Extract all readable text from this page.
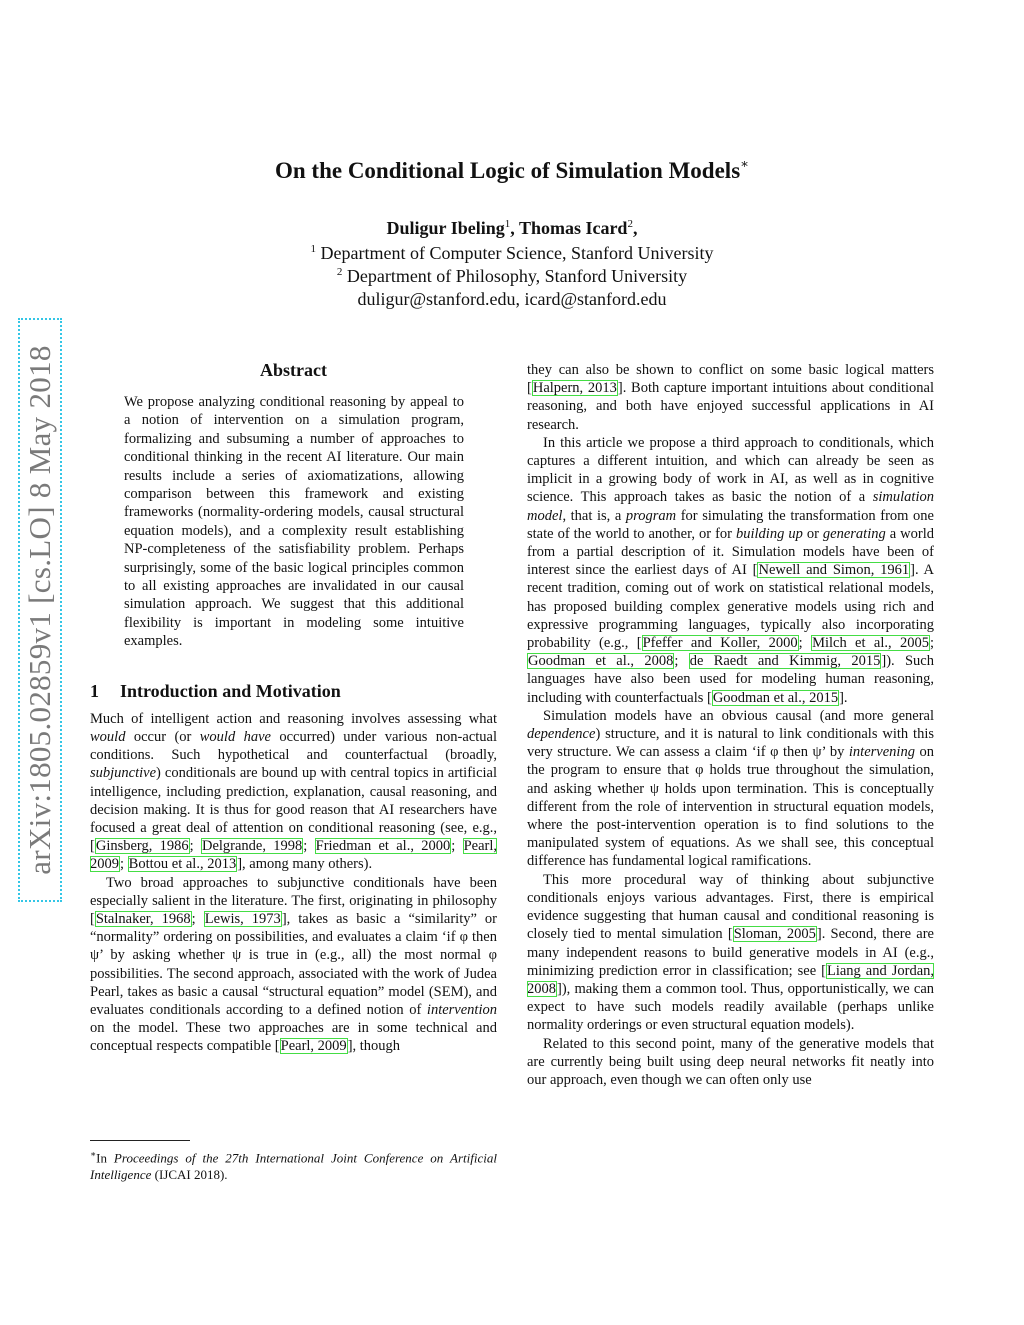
arXiv:1805.02859v1 [cs.LO] 8 May 2018
On the Conditional Logic of Simulation Models∗
Duligur Ibeling$^1$, Thomas Icard$^2$,
$^1$ Department of Computer Science, Stanford University
$^2$ Department of Philosophy, Stanford University
duligur@stanford.edu, icard@stanford.edu
Abstract

We propose analyzing conditional reasoning by appeal to a notion of intervention on a simulation program, formalizing and subsuming a number of approaches to conditional thinking in the recent AI literature. Our main results include a series of axiomatizations, allowing comparison between this framework and existing frameworks (normality-ordering models, causal structural equation models), and a complexity result establishing NP-completeness of the satisfiability problem. Perhaps surprisingly, some of the basic logical principles common to all existing approaches are invalidated in our causal simulation approach. We suggest that this additional flexibility is important in modeling some intuitive examples.

1 Introduction and Motivation

Much of intelligent action and reasoning involves assessing what would occur (or would have occurred) under various non-actual conditions. Such hypothetical and counterfactual (broadly, subjunctive) conditionals are bound up with central topics in artificial intelligence, including prediction, explanation, causal reasoning, and decision making. It is thus for good reason that AI researchers have focused a great deal of attention on conditional reasoning (see, e.g., [Ginsberg, 1986; Delgrande, 1998; Friedman et al., 2000; Pearl, 2009; Bottou et al., 2013], among many others).

Two broad approaches to subjunctive conditionals have been especially salient in the literature. The first, originating in philosophy [Stalnaker, 1968; Lewis, 1973], takes as basic a “similarity” or “normality” ordering on possibilities, and evaluates a claim ‘if φ then ψ’ by asking whether ψ is true in (e.g., all) the most normal φ possibilities. The second approach, associated with the work of Judea Pearl, takes as basic a causal “structural equation” model (SEM), and evaluates conditionals according to a defined notion of intervention on the model. These two approaches are in some technical and conceptual respects compatible [Pearl, 2009], though

they can also be shown to conflict on some basic logical matters [Halpern, 2013]. Both capture important intuitions about conditional reasoning, and both have enjoyed successful applications in AI research.

In this article we propose a third approach to conditionals, which captures a different intuition, and which can already be seen as implicit in a growing body of work in AI, as well as in cognitive science. This approach takes as basic the notion of a simulation model, that is, a program for simulating the transformation from one state of the world to another, or for building up or generating a world from a partial description of it. Simulation models have been of interest since the earliest days of AI [Newell and Simon, 1961]. A recent tradition, coming out of work on statistical relational models, has proposed building complex generative models using rich and expressive programming languages, typically also incorporating probability (e.g., [Pfeffer and Koller, 2000; Milch et al., 2005; Goodman et al., 2008; de Raedt and Kimmig, 2015]). Such languages have also been used for modeling human reasoning, including with counterfactuals [Goodman et al., 2015].

Simulation models have an obvious causal (and more general dependence) structure, and it is natural to link conditionals with this very structure. We can assess a claim ‘if φ then ψ’ by intervening on the program to ensure that φ holds true throughout the simulation, and asking whether ψ holds upon termination. This is conceptually different from the role of intervention in structural equation models, where the post-intervention operation is to find solutions to the manipulated system of equations. As we shall see, this conceptual difference has fundamental logical ramifications.

This more procedural way of thinking about subjunctive conditionals enjoys various advantages. First, there is empirical evidence suggesting that human causal and conditional reasoning is closely tied to mental simulation [Sloman, 2005]. Second, there are many independent reasons to build generative models in AI (e.g., minimizing prediction error in classification; see [Liang and Jordan, 2008]), making them a common tool. Thus, opportunistically, we can expect to have such models readily available (perhaps unlike normality orderings or even structural equation models).

Related to this second point, many of the generative models that are currently being built using deep neural networks fit neatly into our approach, even though we can often only use

∗In Proceedings of the 27th International Joint Conference on Artificial Intelligence (IJCAI 2018).
